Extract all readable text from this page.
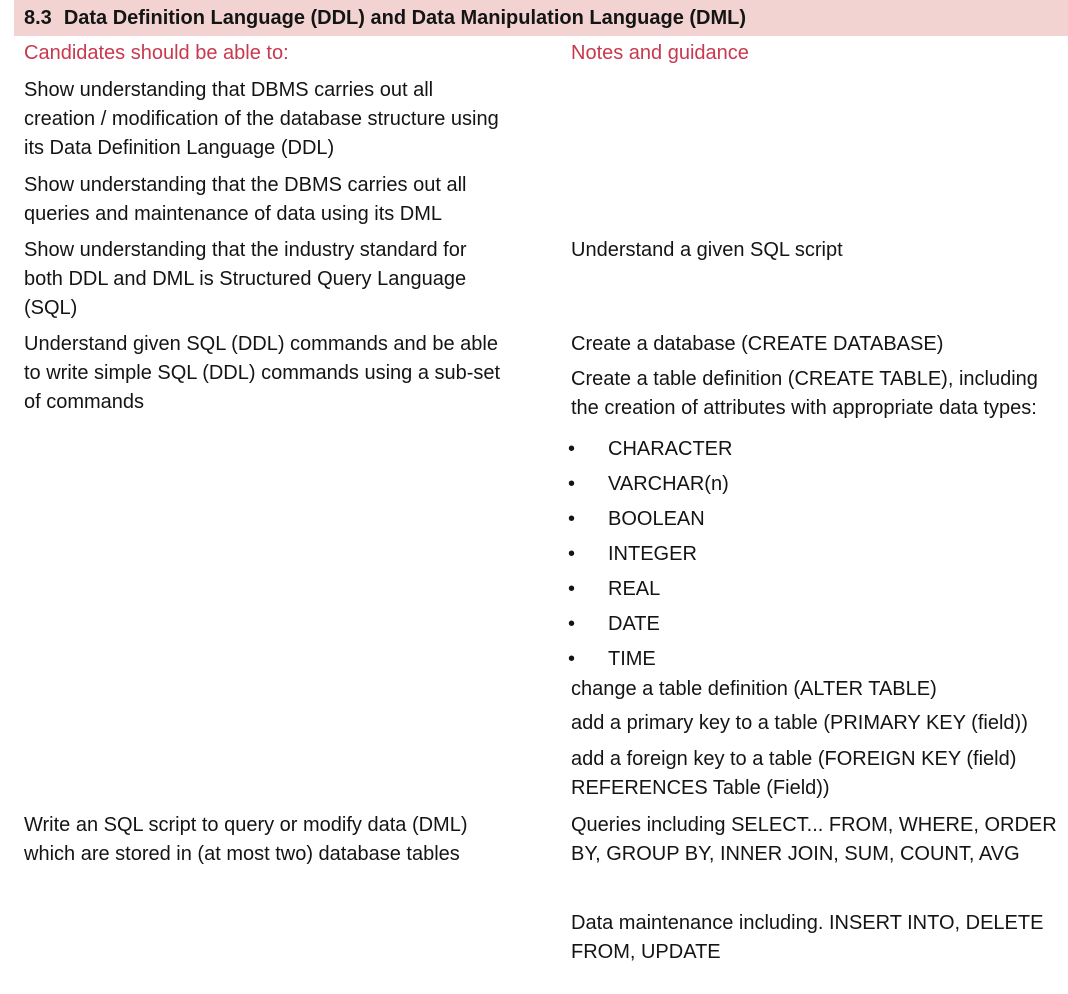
8.3 Data Definition Language (DDL) and Data Manipulation Language (DML)
Candidates should be able to:	Notes and guidance
Show understanding that DBMS carries out all
creation / modification of the database structure using
its Data Definition Language (DDL)
Show understanding that the DBMS carries out all
queries and maintenance of data using its DML
Show understanding that the industry standard for
both DDL and DML is Structured Query Language
(SQL)
Understand given SQL (DDL) commands and be able
to write simple SQL (DDL) commands using a sub-set
of commands
Write an SQL script to query or modify data (DML)
which are stored in (at most two) database tables
Understand a given SQL script
Create a database (CREATE DATABASE)
Create a table definition (CREATE TABLE), including
the creation of attributes with appropriate data types:
• CHARACTER
• VARCHAR(n)
• BOOLEAN
• INTEGER
• REAL
• DATE
• TIME
change a table definition (ALTER TABLE)
add a primary key to a table (PRIMARY KEY (field))
add a foreign key to a table (FOREIGN KEY (field)
REFERENCES Table (Field))
Queries including SELECT... FROM, WHERE, ORDER
BY, GROUP BY, INNER JOIN, SUM, COUNT, AVG
Data maintenance including. INSERT INTO, DELETE
FROM, UPDATE
